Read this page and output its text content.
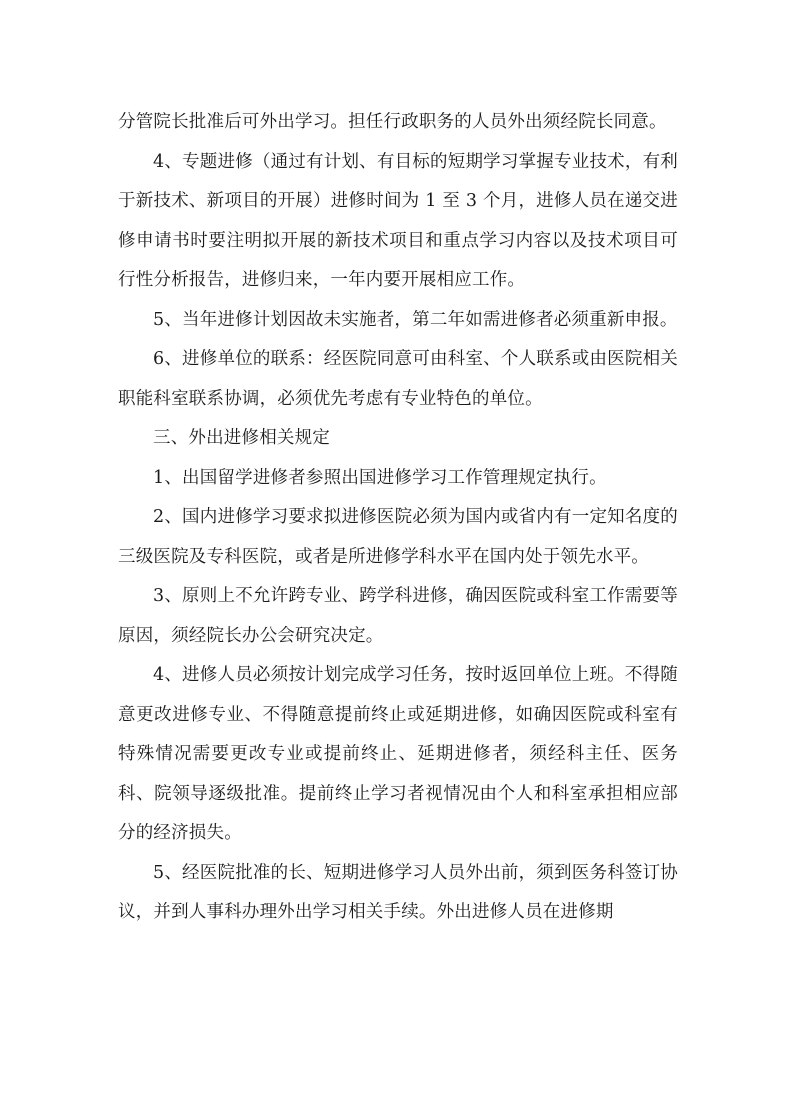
分管院长批准后可外出学习。担任行政职务的人员外出须经院长同意。

4、专题进修（通过有计划、有目标的短期学习掌握专业技术，有利于新技术、新项目的开展）进修时间为 1 至 3 个月，进修人员在递交进修申请书时要注明拟开展的新技术项目和重点学习内容以及技术项目可行性分析报告，进修归来，一年内要开展相应工作。

5、当年进修计划因故未实施者，第二年如需进修者必须重新申报。

6、进修单位的联系：经医院同意可由科室、个人联系或由医院相关职能科室联系协调，必须优先考虑有专业特色的单位。

三、外出进修相关规定

1、出国留学进修者参照出国进修学习工作管理规定执行。

2、国内进修学习要求拟进修医院必须为国内或省内有一定知名度的三级医院及专科医院，或者是所进修学科水平在国内处于领先水平。

3、原则上不允许跨专业、跨学科进修，确因医院或科室工作需要等原因，须经院长办公会研究决定。

4、进修人员必须按计划完成学习任务，按时返回单位上班。不得随意更改进修专业、不得随意提前终止或延期进修，如确因医院或科室有特殊情况需要更改专业或提前终止、延期进修者，须经科主任、医务科、院领导逐级批准。提前终止学习者视情况由个人和科室承担相应部分的经济损失。

5、经医院批准的长、短期进修学习人员外出前，须到医务科签订协议，并到人事科办理外出学习相关手续。外出进修人员在进修期
